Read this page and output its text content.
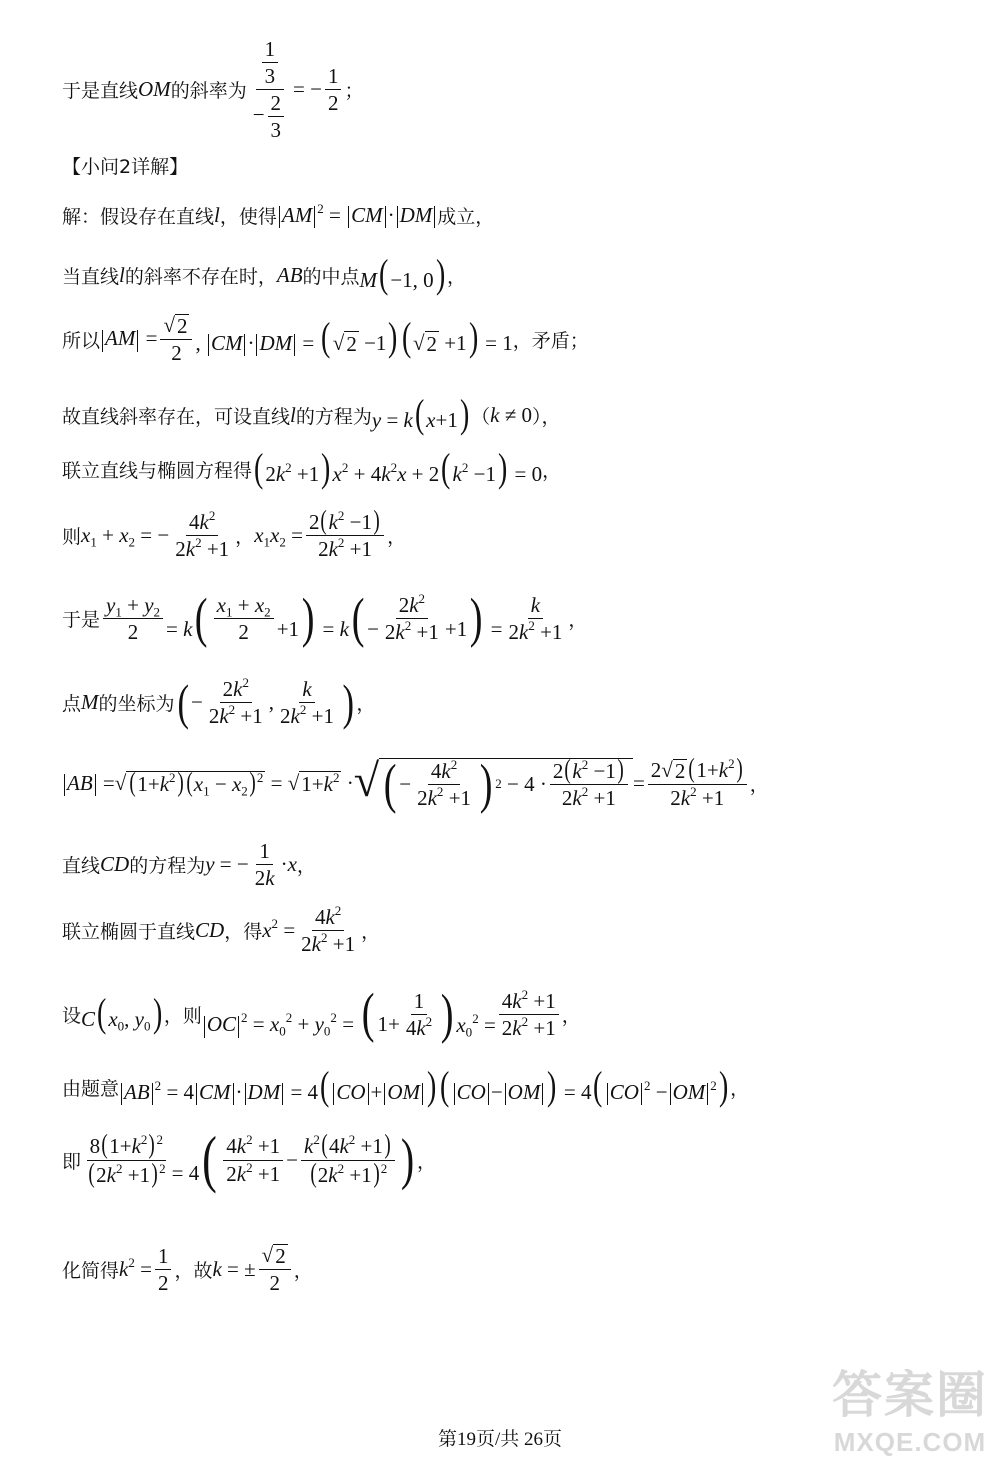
于是直线 OM 的斜率为 $\frac{\frac{1}{3}}{- \frac{2}{3}}$ = − $\frac{1}{2}$ ；
【小问2详解】
解：假设存在直线 l ，使得 AM $^2$ = CM · DM 成立，
当直线 l 的斜率不存在时， AB 的中点 M(−1, 0) ，
所以 AM = $\frac{√ 2}{2}$ , CM · DM = (√ 2 −1)(√ 2 +1) = 1 ，矛盾；
故直线斜率存在，可设直线 l 的方程为 y = k(x+1) （ k ≠ 0 ），
联立直线与椭圆方程得 $(2k^2 +1)x^2 + 4k^2x + 2(k^2 -1) = 0$ ，
则 $x_1 + x_2$ = − $\frac{4k^2}{2k^2 +1}$ ， $x_1x_2 = \frac{2(k^2 -1)}{2k^2 +1}$ ，
于是 $\frac{y_1 + y_2}{2} = k( \frac{x_1 + x_2}{2} +1) = k( - \frac{2k^2}{2k^2 +1} +1) = \frac{k}{2k^2 +1}$ ，
点 M 的坐标为 ( − $\frac{2k^2}{2k^2 +1}$ , $\frac{k}{2k^2 +1}$ ) ，
AB = √ $(1+k^2)(x_1 - x_2)^2$ = √ $1+k^2$ · √ ( − $\frac{4k^2}{2k^2 +1}$ ) $2 - 4 \cdot \frac{2(k^2 -1)}{2k^2 +1} = \frac{2√ 2 (1+k^2)}{2k^2 +1}$ ，
直线 CD 的方程为 y = − $\frac{1}{2k} \cdot x$ ，
联立椭圆于直线 CD ，得 $x^2 = \frac{4k^2}{2k^2 +1}$ ，
设 $C(x_0$, $y_0$) ，则 OC $^2 = x_0^2 + y_0^2$ = ( $1+ \frac{1}{4k^2}$ ) $x_0^2 = \frac{4k^2 +1}{2k^2 +1}$ ，
由题意 AB $^2$ = 4 CM · DM = 4( CO + OM )( CO − OM ) = 4( CO $^2$ − OM $^2$) ，
即 $\frac{8(1+k^2)^2}{(2k^2 +1)^2} = 4( \frac{4k^2 +1}{2k^2 +1} - \frac{k^2(4k^2 +1)}{(2k^2 +1)^2}$ ) ，
化简得 $k^2 = \frac{1}{2}$ ，故 k = ± $\frac{√ 2}{2}$ ，
第19页/共 26页
答案圈
MXQE.COM
